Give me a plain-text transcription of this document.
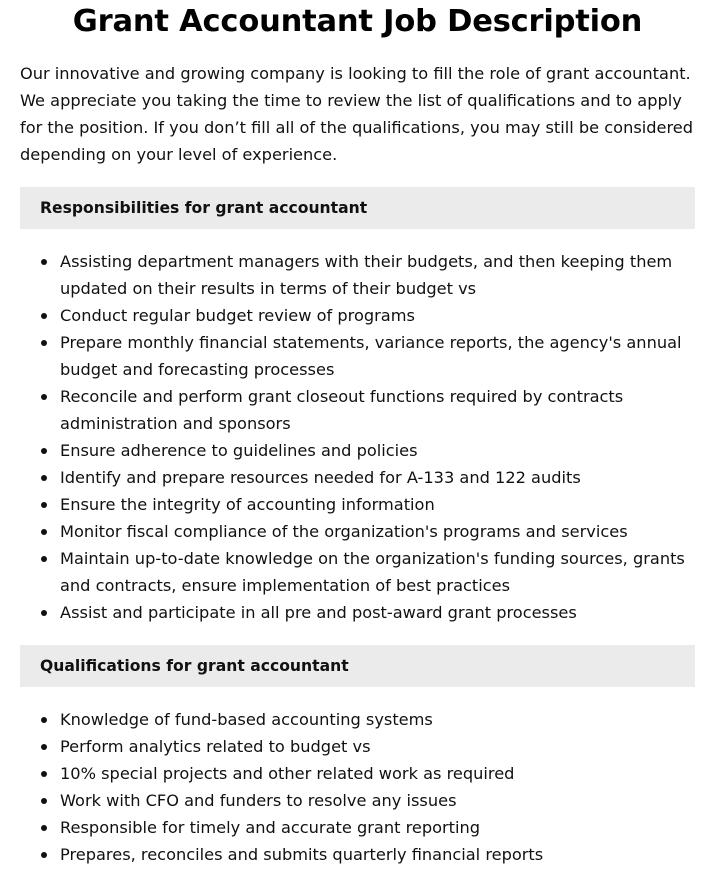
Grant Accountant Job Description

Our innovative and growing company is looking to fill the role of grant accountant. We appreciate you taking the time to review the list of qualifications and to apply for the position. If you don’t fill all of the qualifications, you may still be considered depending on your level of experience.

Responsibilities for grant accountant
Assisting department managers with their budgets, and then keeping them updated on their results in terms of their budget vs
Conduct regular budget review of programs
Prepare monthly financial statements, variance reports, the agency's annual budget and forecasting processes
Reconcile and perform grant closeout functions required by contracts administration and sponsors
Ensure adherence to guidelines and policies
Identify and prepare resources needed for A-133 and 122 audits
Ensure the integrity of accounting information
Monitor fiscal compliance of the organization's programs and services
Maintain up-to-date knowledge on the organization's funding sources, grants and contracts, ensure implementation of best practices
Assist and participate in all pre and post-award grant processes
Qualifications for grant accountant
Knowledge of fund-based accounting systems
Perform analytics related to budget vs
10% special projects and other related work as required
Work with CFO and funders to resolve any issues
Responsible for timely and accurate grant reporting
Prepares, reconciles and submits quarterly financial reports
